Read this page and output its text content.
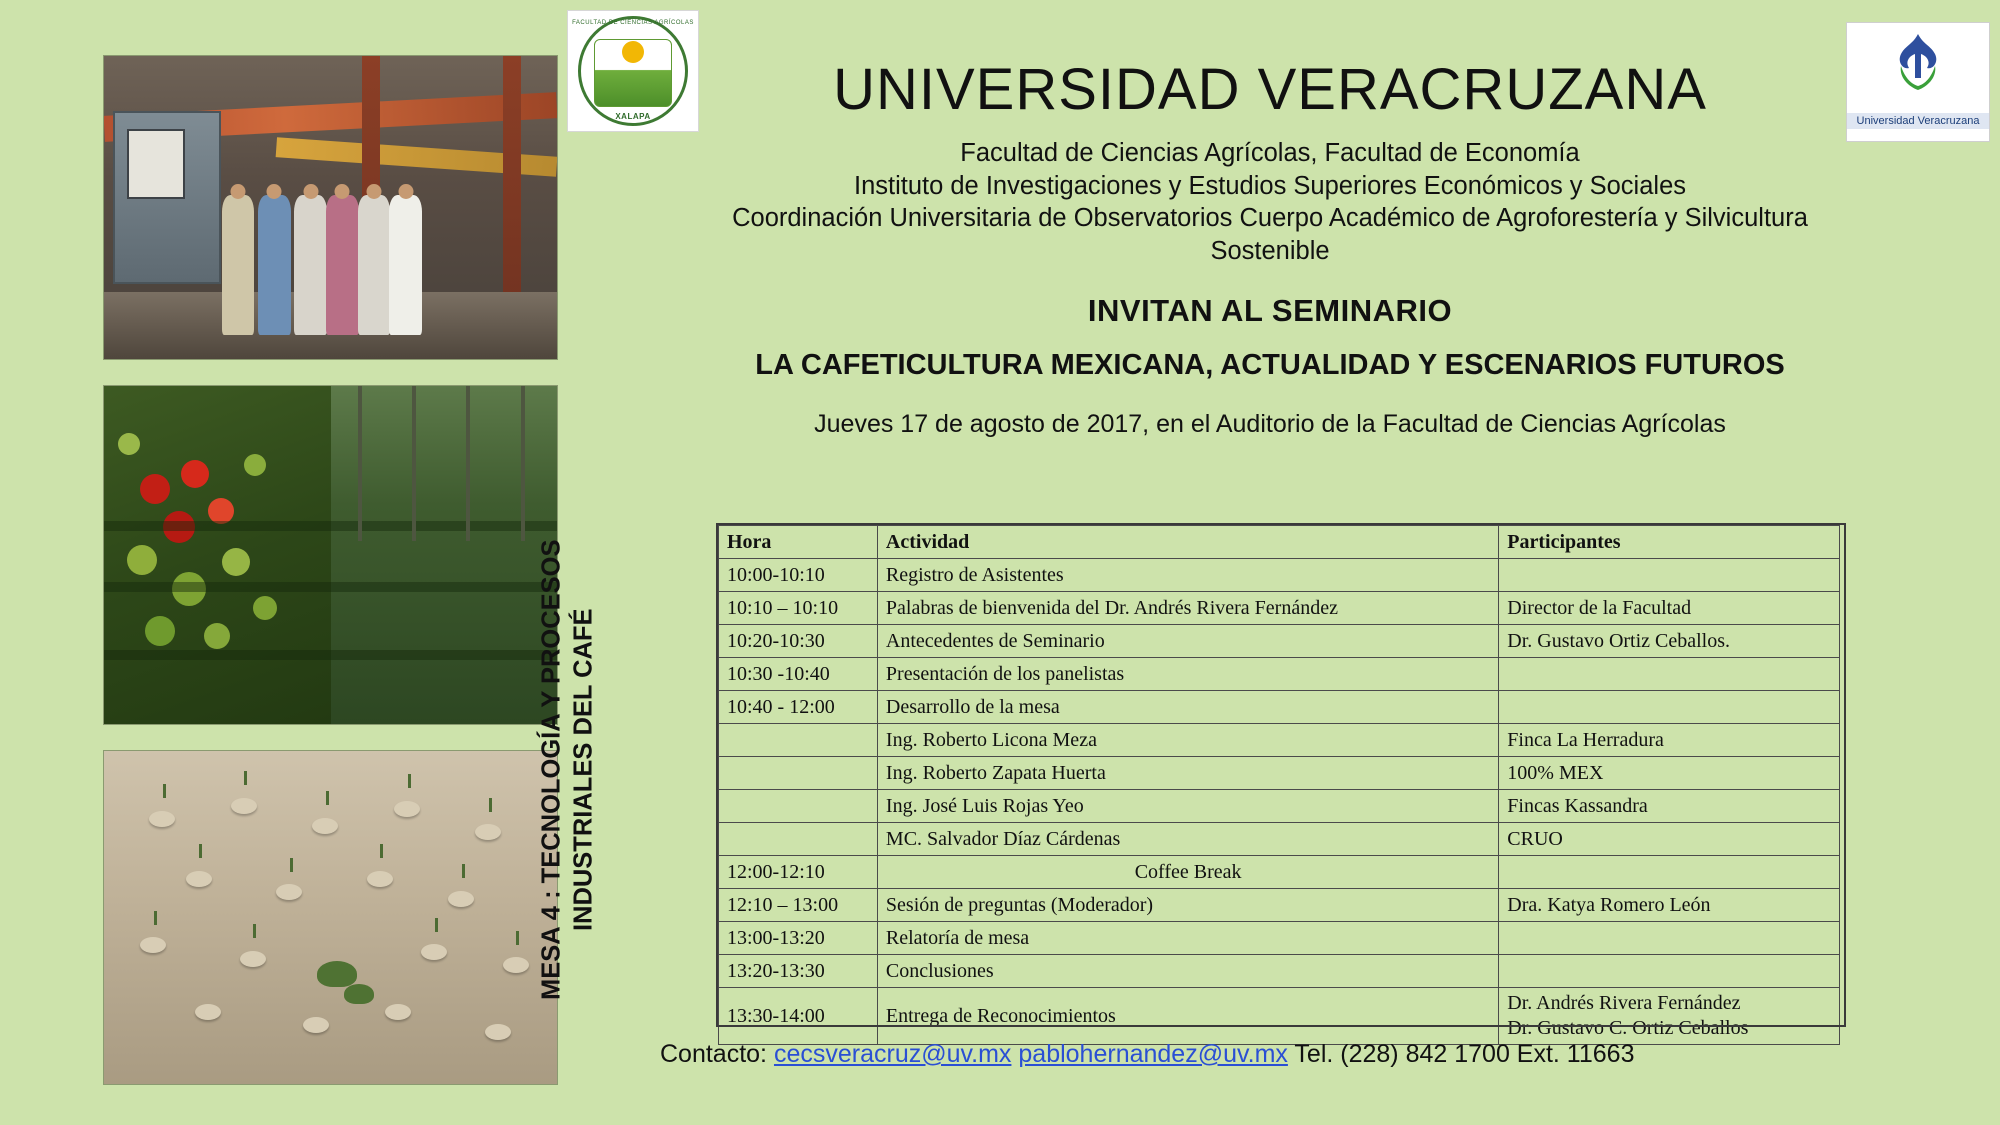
FACULTAD DE CIENCIAS AGRÍCOLAS
XALAPA	Universidad Veracruzana
UNIVERSIDAD VERACRUZANA
Facultad de Ciencias Agrícolas, Facultad de Economía
Instituto de Investigaciones y Estudios Superiores Económicos y Sociales
Coordinación Universitaria de Observatorios Cuerpo Académico de Agroforestería y Silvicultura
Sostenible
INVITAN AL SEMINARIO
LA CAFETICULTURA MEXICANA, ACTUALIDAD Y ESCENARIOS FUTUROS
Jueves 17 de agosto de 2017, en el Auditorio de la Facultad de Ciencias Agrícolas
MESA 4 : TECNOLOGÍA Y PROCESOS INDUSTRIALES DEL CAFÉ
Hora	Actividad	Participantes
10:00-10:10	Registro de Asistentes	
10:10 – 10:10	Palabras de bienvenida del Dr. Andrés Rivera Fernández	Director de la Facultad
10:20-10:30	Antecedentes de Seminario	Dr. Gustavo Ortiz Ceballos.
10:30 -10:40	Presentación de los panelistas	
10:40 - 12:00	Desarrollo de la mesa	
	Ing. Roberto Licona Meza	Finca La Herradura
	Ing. Roberto Zapata Huerta	100% MEX
	Ing. José Luis Rojas Yeo	Fincas Kassandra
	MC. Salvador Díaz Cárdenas	CRUO
12:00-12:10	Coffee Break	
12:10 – 13:00	Sesión de preguntas (Moderador)	Dra. Katya Romero León
13:00-13:20	Relatoría de mesa	
13:20-13:30	Conclusiones	
13:30-14:00	Entrega de Reconocimientos	Dr. Andrés Rivera Fernández
Dr. Gustavo C. Ortiz Ceballos
Contacto: cecsveracruz@uv.mx pablohernandez@uv.mx Tel. (228) 842 1700 Ext. 11663
